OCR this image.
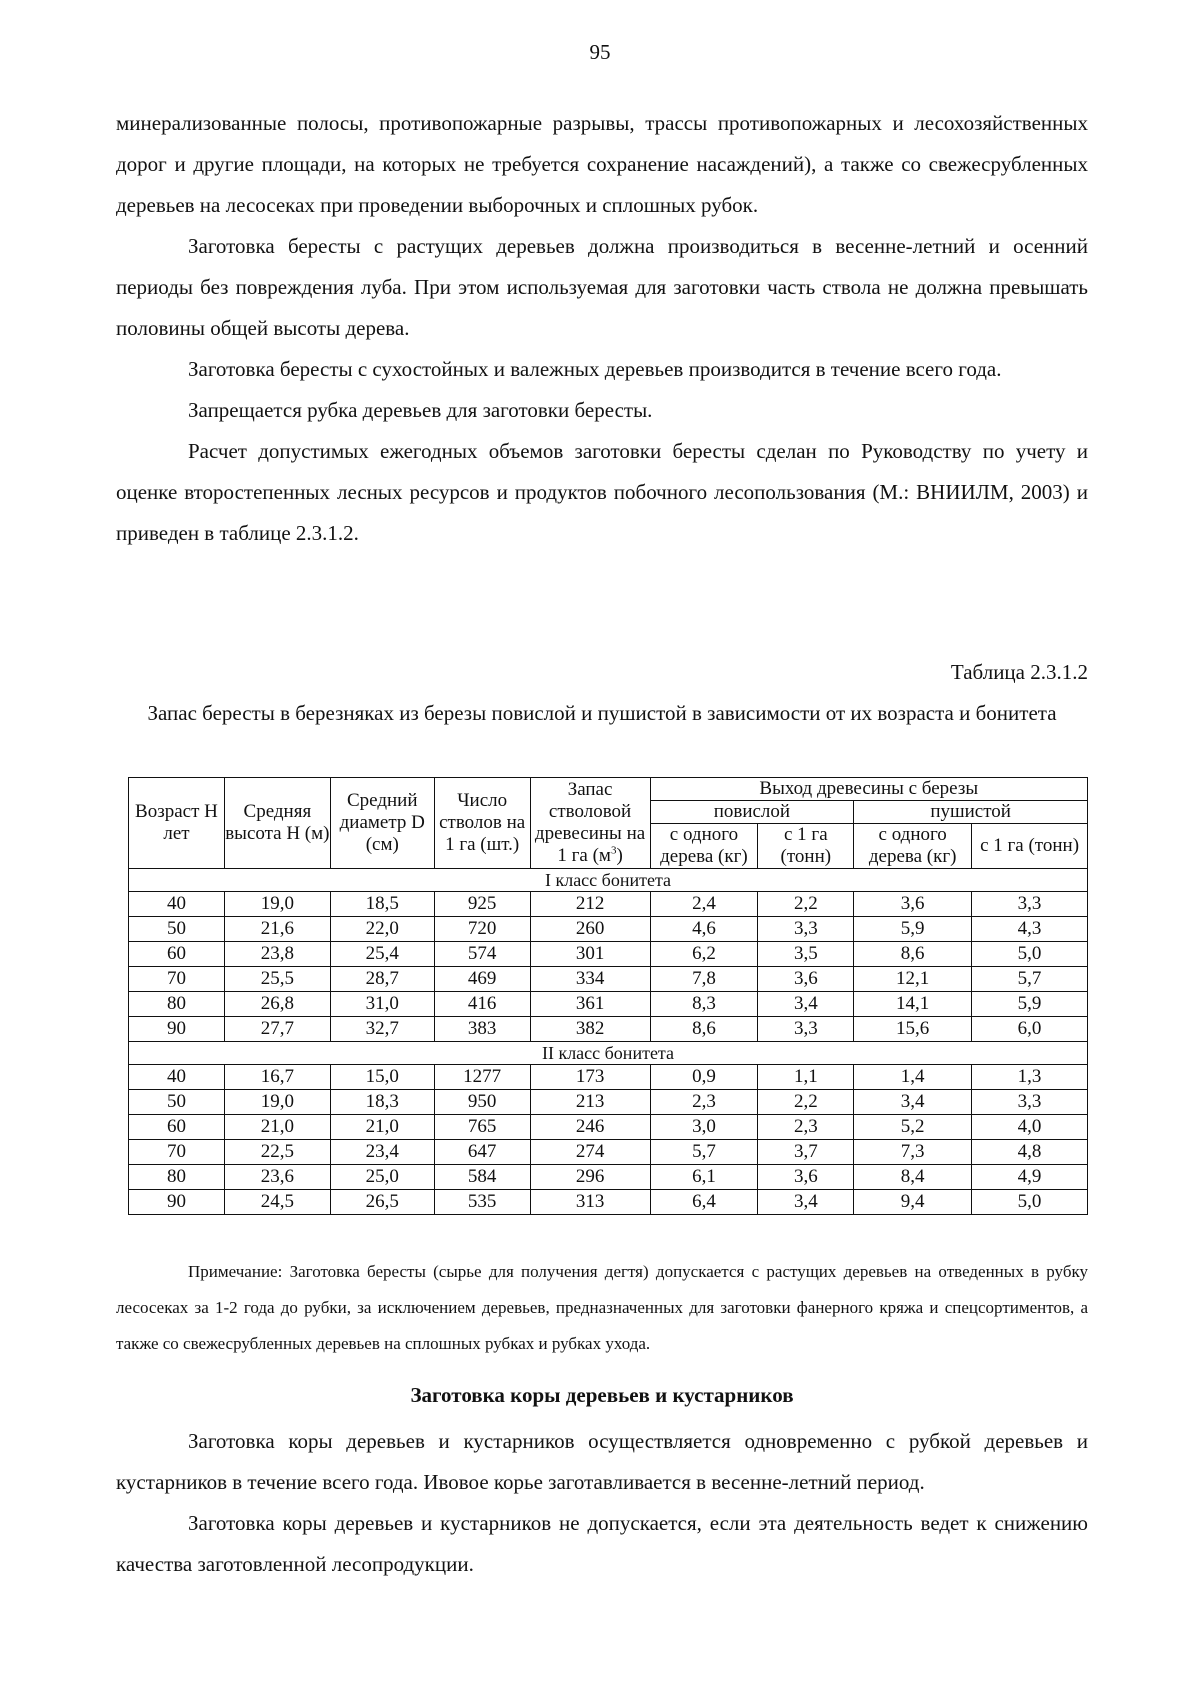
95

минерализованные полосы, противопожарные разрывы, трассы противопожарных и лесохозяйственных дорог и другие площади, на которых не требуется сохранение насаждений), а также со свежесрубленных деревьев на лесосеках при проведении выборочных и сплошных рубок.

Заготовка бересты с растущих деревьев должна производиться в весенне-летний и осенний периоды без повреждения луба. При этом используемая для заготовки часть ствола не должна превышать половины общей высоты дерева.

Заготовка бересты с сухостойных и валежных деревьев производится в течение всего года.

Запрещается рубка деревьев для заготовки бересты.

Расчет допустимых ежегодных объемов заготовки бересты сделан по Руководству по учету и оценке второстепенных лесных ресурсов и продуктов побочного лесопользования (М.: ВНИИЛМ, 2003) и приведен в таблице 2.3.1.2.

Таблица 2.3.1.2
Запас бересты в березняках из березы повислой и пушистой в зависимости от их возраста и бонитета
Возраст Н лет	Средняя высота Н (м)	Средний диаметр D (см)	Число стволов на 1 га (шт.)	Запас стволовой древесины на 1 га $(м^3)$	Выход древесины с березы			
					повислой		пушистой	
					с одного дерева (кг)	с 1 га (тонн)	с одного дерева (кг)	с 1 га (тонн)
I класс бонитета								
40	19,0	18,5	925	212	2,4	2,2	3,6	3,3
50	21,6	22,0	720	260	4,6	3,3	5,9	4,3
60	23,8	25,4	574	301	6,2	3,5	8,6	5,0
70	25,5	28,7	469	334	7,8	3,6	12,1	5,7
80	26,8	31,0	416	361	8,3	3,4	14,1	5,9
90	27,7	32,7	383	382	8,6	3,3	15,6	6,0
II класс бонитета								
40	16,7	15,0	1277	173	0,9	1,1	1,4	1,3
50	19,0	18,3	950	213	2,3	2,2	3,4	3,3
60	21,0	21,0	765	246	3,0	2,3	5,2	4,0
70	22,5	23,4	647	274	5,7	3,7	7,3	4,8
80	23,6	25,0	584	296	6,1	3,6	8,4	4,9
90	24,5	26,5	535	313	6,4	3,4	9,4	5,0
Примечание: Заготовка бересты (сырье для получения дегтя) допускается с растущих деревьев на отведенных в рубку лесосеках за 1-2 года до рубки, за исключением деревьев, предназначенных для заготовки фанерного кряжа и спецсортиментов, а также со свежесрубленных деревьев на сплошных рубках и рубках ухода.
Заготовка коры деревьев и кустарников

Заготовка коры деревьев и кустарников осуществляется одновременно с рубкой деревьев и кустарников в течение всего года. Ивовое корье заготавливается в весенне-летний период.

Заготовка коры деревьев и кустарников не допускается, если эта деятельность ведет к снижению качества заготовленной лесопродукции.
